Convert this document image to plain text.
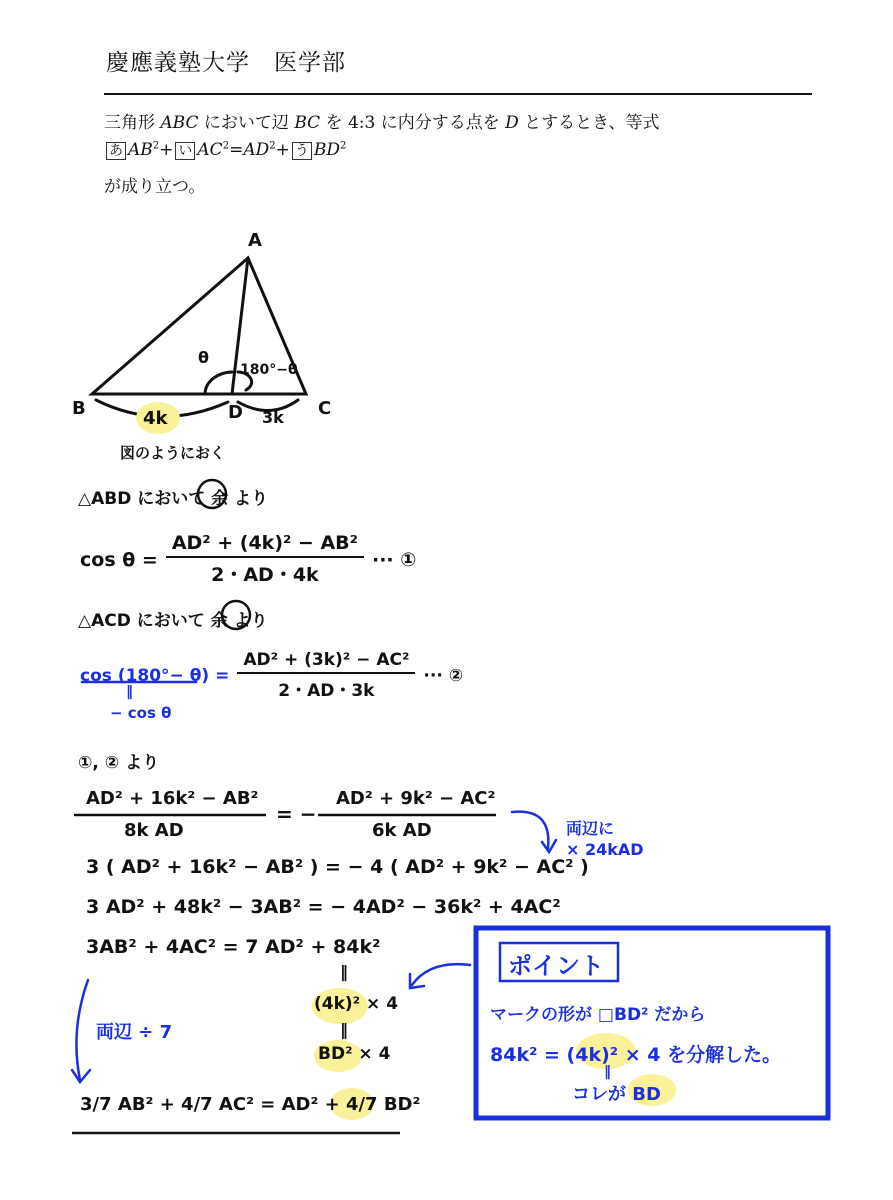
慶應義塾大学　医学部
三角形 ABC において辺 BC を 4:3 に内分する点を D とするとき、等式
あ $AB^2+$ い $AC^2=AD^2+$ う $BD^2$
が成り立つ。
A
B	C
D
θ
180°−θ
4k	3k
図のようにおく
△ABD において 余 より
$\cos \theta = \frac{\text{AD² + (4k)² − AB²}}{2・AD・4k}$ ··· ①
△ACD において 余 より
$\cos (180^\circ- \theta) = \frac{\text{AD² + (3k)² − AC²}}{2・AD・3k}$ ··· ②
‖
− cos θ
①, ② より
AD² + 16k² − AB²
8k AD
= −
AD² + 9k² − AC²
6k AD	両辺に
× 24kAD
3 ( AD² + 16k² − AB² ) = − 4 ( AD² + 9k² − AC² )
3 AD² + 48k² − 3AB² = − 4AD² − 36k² + 4AC²
3AB² + 4AC² = 7 AD² + 84k²
‖
(4k)² × 4
‖
BD² × 4
両辺 ÷ 7
3/7 AB² + 4/7 AC² = AD² + 4/7 BD²
ポイント
マークの形が □BD² だから
84k² = (4k)² × 4 を分解した。
‖
コレが BD
